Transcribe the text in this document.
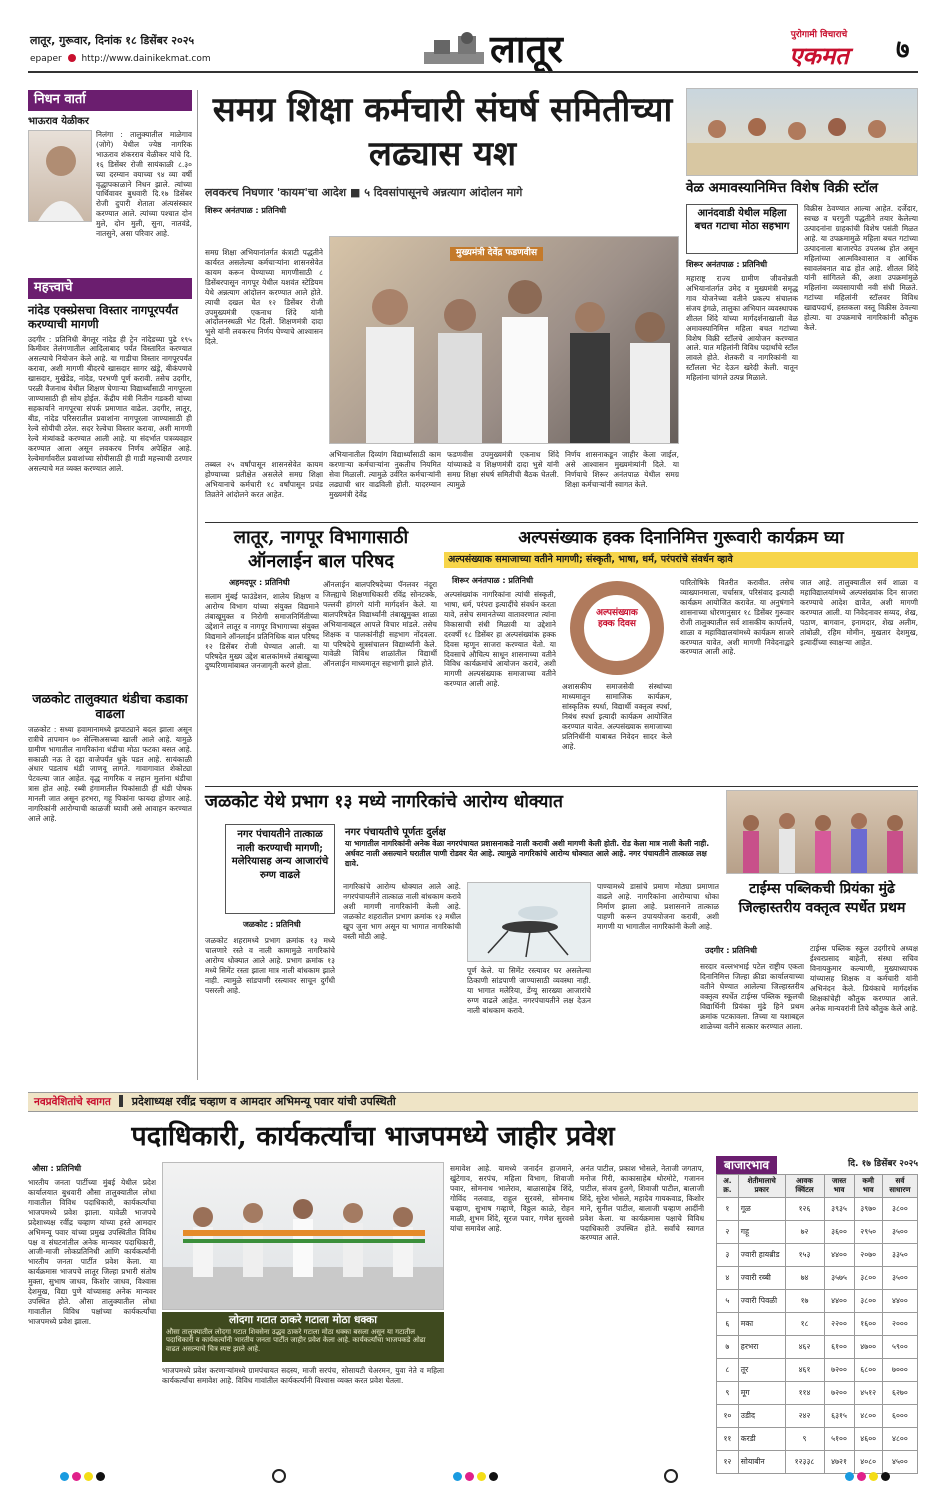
लातूर, गुरूवार, दिनांक १८ डिसेंबर २०२५
epaper http://www.dainikekmat.com	लातूर	पुरोगामी विचाराचे
एकमत	७
निधन वार्ता
भाऊराव येळीकर
निलंगा : तालुक्यातील माळेगाव (जोगे) येथील ज्येष्ठ नागरिक भाऊराव शंकरराव येळीकर यांचे दि. १६ डिसेंबर रोजी सायंकाळी ८.३० च्या दरम्यान वयाच्या ९४ व्या वर्षी वृद्धापकाळाने निधन झाले. त्यांच्या पार्थिवावर बुधवारी दि.१७ डिसेंबर रोजी दुपारी शेताता अंत्यसंस्कार करण्यात आले. त्यांच्या पश्चात दोन मुले, दोन मुली, सुना, नातवंडे, नातसुने, असा परिवार आहे.
महत्त्वाचे
नांदेड एक्स्प्रेसचा विस्तार नागपूरपर्यंत करण्याची मागणी
उदगीर : प्रतिनिधी बेंगलूर नांदेड ही ट्रेन नांदेडच्या पुढे १९५ किमीवर तेलंगणातील आदिलाबाद पर्यंत विस्तारित करण्यात असल्याचे नियोजन केले आहे. या गाडीचा विस्तार नागपूरपर्यंत करावा, अशी मागणी बीदरचे खासदार सागर खंड्रे, बीकंपणचे खासदार, मुखेडेड, नांदेड, परभणी पूर्ण करावी. तसेच उदगीर, परळी वैजनाथ येथील शिक्षण घेणाऱ्या विद्यार्थ्यांसाठी नागपूरला जाण्यासाठी ही सोय होईल. केंद्रीय मंत्री नितीन गडकरी यांच्या सहकार्याने नागपूरचा संपर्क प्रमाणात वाढेल. उदगीर, लातूर, बीड, नांदेड परिसरातील प्रवाशांना नागपूरला जाण्यासाठी ही रेल्वे सोयीची ठरेल. सदर रेल्वेचा विस्तार करावा, अशी मागणी रेल्वे मंत्र्यांकडे करण्यात आली आहे. या संदर्भात पत्रव्यवहार करण्यात आला असून लवकरच निर्णय अपेक्षित आहे. रेल्वेमार्गावरील प्रवाशांच्या सोयीसाठी ही गाडी महत्त्वाची ठरणार असल्याचे मत व्यक्त करण्यात आले.
जळकोट तालुक्यात थंडीचा कडाका वाढला
जळकोट : सध्या हवामानामध्ये झपाट्याने बदल झाला असून रात्रीचे तापमान ७० सेल्सिअसच्या खाली आले आहे. यामुळे ग्रामीण भागातील नागरिकांना थंडीचा मोठा फटका बसत आहे. सकाळी नऊ ते दहा वाजेपर्यंत धुके पडत आहे. सायंकाळी अंधार पडताच थंडी जाणवू लागते. गावागावात शेकोट्या पेटवल्या जात आहेत. वृद्ध नागरिक व लहान मुलांना थंडीचा त्रास होत आहे. रब्बी हंगामातील पिकांसाठी ही थंडी पोषक मानली जात असून हरभरा, गहू पिकांना फायदा होणार आहे. नागरिकांनी आरोग्याची काळजी घ्यावी असे आवाहन करण्यात आले आहे.
समग्र शिक्षा कर्मचारी संघर्ष समितीच्या लढ्यास यश
लवकरच निघणार 'कायम'चा आदेश ■ ५ दिवसांपासूनचे अन्नत्याग आंदोलन मागे
शिरूर अनंतपाळ : प्रतिनिधी
समग्र शिक्षा अभियानांतर्गत कंत्राटी पद्धतीने कार्यरत असलेल्या कर्मचाऱ्यांना शासनसेवेत कायम करून घेण्याच्या मागणीसाठी ८ डिसेंबरपासून नागपूर येथील यशवंत स्टेडियम येथे अन्नत्याग आंदोलन करण्यात आले होते. त्याची दखल घेत १२ डिसेंबर रोजी उपमुख्यमंत्री एकनाथ शिंदे यांनी आंदोलनस्थळी भेट दिली. शिक्षणमंत्री दादा भुसे यांनी लवकरच निर्णय घेण्याचे आश्वासन दिले.
मुख्यमंत्री देवेंद्र फडणवीस
तब्बल २५ वर्षांपासून शासनसेवेत कायम होण्याच्या प्रतीक्षेत असलेले समग्र शिक्षा अभियानाचे कर्मचारी १८ वर्षांपासून प्रचंड तिव्रतेने आंदोलने करत आहेत.
अभियानातील दिव्यांग विद्यार्थ्यांसाठी काम करणाऱ्या कर्मचाऱ्यांना नुकतीच नियमित सेवा मिळाली. त्यामुळे उर्वरित कर्मचाऱ्यांनी लढ्याची धार वाढविली होती. यादरम्यान मुख्यमंत्री देवेंद्र
फडणवीस उपमुख्यमंत्री एकनाथ शिंदे यांच्याकडे व शिक्षणमंत्री दादा भुसे यांनी समग्र शिक्षा संघर्ष समितीची बैठक घेतली. त्यामुळे
निर्णय शासनाकडून जाहीर केला जाईल, असे आश्वासन मुख्यमंत्र्यांनी दिले. या निर्णयाचे शिरूर अनंतपाळ येथील समग्र शिक्षा कर्मचाऱ्यांनी स्वागत केले.
वेळ अमावस्यानिमित्त विशेष विक्री स्टॉल
आनंदवाडी येथील महिला बचत गटाचा मोठा सहभाग
शिरूर अनंतपाळ : प्रतिनिधी
महाराष्ट्र राज्य ग्रामीण जीवनोन्नती अभियानांतर्गत उमेद व मुख्यमंत्री समृद्ध गाव योजनेच्या वतीने प्रकल्प संचालक संजय इंगळे, तालुका अभियान व्यवस्थापक शीतल शिंदे यांच्या मार्गदर्शनाखाली वेळ अमावस्यानिमित्त महिला बचत गटांच्या विशेष विक्री स्टॉलचे आयोजन करण्यात आले. यात महिलांनी विविध पदार्थांचे स्टॉल लावले होते. शेतकरी व नागरिकांनी या स्टॉलला भेट देऊन खरेदी केली. यातून महिलांना चांगले उत्पन्न मिळाले.
विक्रीस ठेवण्यात आल्या आहेत. दर्जेदार, स्वच्छ व घरगुती पद्धतीने तयार केलेल्या उत्पादनांना ग्राहकांची विशेष पसंती मिळत आहे. या उपक्रमामुळे महिला बचत गटांच्या उत्पादनाला बाजारपेठ उपलब्ध होत असून महिलांच्या आत्मविश्वासात व आर्थिक स्वावलंबनात वाढ होत आहे. शीतल शिंदे यांनी सांगितले की, अशा उपक्रमांमुळे महिलांना व्यवसायाची नवी संधी मिळते. गटांच्या महिलांनी स्टॉलवर विविध खाद्यपदार्थ, हस्तकला वस्तू विक्रीस ठेवल्या होत्या. या उपक्रमाचे नागरिकांनी कौतुक केले.
लातूर, नागपूर विभागासाठी ऑनलाईन बाल परिषद
अहमदपूर : प्रतिनिधी
सलाम मुंबई फाउंडेशन, शालेय शिक्षण व आरोग्य विभाग यांच्या संयुक्त विद्यमाने तंबाखूमुक्त व निरोगी समाजनिर्मितीच्या उद्देशाने लातूर व नागपूर विभागाच्या संयुक्त विद्यमाने ऑनलाईन प्रतिनिधिक बाल परिषद १२ डिसेंबर रोजी घेण्यात आली. या परिषदेत मुख्य उद्देश बालकांमध्ये तंबाखूच्या दुष्परिणामांबाबत जनजागृती करणे होता.
ऑनलाईन बालपरिषदेच्या पॅनलवर नंदूरा जिल्ह्याचे शिक्षणाधिकारी रविंद्र सोनटक्के, पल्लवी हांगरगे यांनी मार्गदर्शन केले. या बालपरिषदेत विद्यार्थ्यांनी तंबाखूमुक्त शाळा अभियानाबद्दल आपले विचार मांडले. तसेच शिक्षक व पालकांनीही सहभाग नोंदवला. या परिषदेचे सूत्रसंचालन विद्यार्थ्यांनी केले. यावेळी विविध शाळांतील विद्यार्थी ऑनलाईन माध्यमातून सहभागी झाले होते.
अल्पसंख्याक हक्क दिनानिमित्त गुरूवारी कार्यक्रम घ्या
अल्पसंख्याक समाजाच्या वतीने मागणी; संस्कृती, भाषा, धर्म, परंपरांचे संवर्धन व्हावे
शिरूर अनंतपाळ : प्रतिनिधी
अल्पसंख्यांक नागरिकांना त्यांची संस्कृती, भाषा, धर्म, परंपरा इत्यादींचे संवर्धन करता यावे, तसेच समानतेच्या वातावरणात त्यांना विकासाची संधी मिळावी या उद्देशाने दरवर्षी १८ डिसेंबर हा अल्पसंख्यांक हक्क दिवस म्हणून साजरा करण्यात येतो. या दिवसाचे औचित्य साधून शासनाच्या वतीने विविध कार्यक्रमांचे आयोजन करावे, अशी मागणी अल्पसंख्याक समाजाच्या वतीने करण्यात आली आहे.
अल्पसंख्याक हक्क दिवस
अशासकीय समाजसेवी संस्थांच्या माध्यमातून सामाजिक कार्यक्रम, सांस्कृतिक स्पर्धा, विद्यार्थी वक्तृत्व स्पर्धा, निबंध स्पर्धा इत्यादी कार्यक्रम आयोजित करण्यात यावेत. अल्पसंख्याक समाजाच्या प्रतिनिधींनी याबाबत निवेदन सादर केले आहे.
पारितोषिके वितरीत करावीत. तसेच व्याख्यानमाला, चर्चासत्र, परिसंवाद इत्यादी कार्यक्रम आयोजित करावेत. या अनुषंगाने शासनाच्या धोरणानुसार १८ डिसेंबर गुरूवार रोजी तालुक्यातील सर्व शासकीय कार्यालये, शाळा व महाविद्यालयांमध्ये कार्यक्रम साजरे करण्यात यावेत, अशी मागणी निवेदनाद्वारे करण्यात आली आहे.
जात आहे. तालुक्यातील सर्व शाळा व महाविद्यालयांमध्ये अल्पसंख्यांक दिन साजरा करण्याचे आदेश द्यावेत, अशी मागणी करण्यात आली. या निवेदनावर सय्यद, शेख, पठाण, बागवान, इनामदार, शेख अलीम, तांबोळी, रहिम मोमीन, मुखतार देशमुख, इत्यादींच्या स्वाक्षऱ्या आहेत.
जळकोट येथे प्रभाग १३ मध्ये नागरिकांचे आरोग्य धोक्यात
नगर पंचायतीने तात्काळ नाली करण्याची मागणी; मलेरियासह अन्य आजारांचे रुग्ण वाढले
जळकोट : प्रतिनिधी
नगर पंचायतीचे पूर्णतः दुर्लक्ष
या भागातील नागरिकांनी अनेक वेळा नगरपंचायत प्रशासनाकडे नाली करावी अशी मागणी केली होती. रोड केला मात्र नाली केली नाही. अर्धवट नाली असल्याने घरातील पाणी रोडवर येत आहे. त्यामुळे नागरिकांचे आरोग्य धोक्यात आले आहे. नगर पंचायतीने तात्काळ लक्ष द्यावे.
जळकोट शहरामध्ये प्रभाग क्रमांक १३ मध्ये चालणारे रस्ते व नाली कामामुळे नागरिकांचे आरोग्य धोक्यात आले आहे. प्रभाग क्रमांक १३ मध्ये सिमेंट रस्ता झाला मात्र नाली बांधकाम झाले नाही. त्यामुळे सांडपाणी रस्त्यावर साचून दुर्गंधी पसरली आहे.
नागरिकांचे आरोग्य धोक्यात आले आहे. नगरपंचायतीने तात्काळ नाली बांधकाम करावे अशी मागणी नागरिकांनी केली आहे. जळकोट शहरातील प्रभाग क्रमांक १३ मधील खूप जुना भाग असून या भागात नागरिकांची वस्ती मोठी आहे.
पूर्ण केले. या सिमेंट रस्त्यावर घर असलेल्या ठिकाणी सांडपाणी जाण्यासाठी व्यवस्था नाही. या भागात मलेरिया, डेंग्यू सारख्या आजारांचे रुग्ण वाढले आहेत. नगरपंचायतीने लक्ष देऊन नाली बांधकाम करावे.
पाण्यामध्ये डासांचे प्रमाण मोठ्या प्रमाणात वाढले आहे. नागरिकांना आरोग्याचा धोका निर्माण झाला आहे. प्रशासनाने तात्काळ पाहणी करून उपाययोजना करावी, अशी मागणी या भागातील नागरिकांनी केली आहे.
टाईम्स पब्लिकची प्रियंका मुंढे जिल्हास्तरीय वक्तृत्व स्पर्धेत प्रथम
उदगीर : प्रतिनिधी
सरदार वल्लभभाई पटेल राष्ट्रीय एकता दिनानिमित्त जिल्हा क्रीडा कार्यालयाच्या वतीने घेण्यात आलेल्या जिल्हास्तरीय वक्तृत्व स्पर्धेत टाईम्स पब्लिक स्कूलची विद्यार्थिनी प्रियंका मुंढे हिने प्रथम क्रमांक पटकावला. तिच्या या यशाबद्दल शाळेच्या वतीने सत्कार करण्यात आला.
टाईम्स पब्लिक स्कूल उदगीरचे अध्यक्ष ईश्वरप्रसाद बाहेती, संस्था सचिव विनायकुमार कल्याणी, मुख्याध्यापक यांच्यासह शिक्षक व कर्मचारी यांनी अभिनंदन केले. प्रियंकाचे मार्गदर्शक शिक्षकांचेही कौतुक करण्यात आले. अनेक मान्यवरांनी तिचे कौतुक केले आहे.
नवप्रवेशितांचे स्वागत प्रदेशाध्यक्ष रवींद्र चव्हाण व आमदार अभिमन्यू पवार यांची उपस्थिती
पदाधिकारी, कार्यकर्त्यांचा भाजपमध्ये जाहीर प्रवेश
औसा : प्रतिनिधी
भारतीय जनता पार्टीच्या मुंबई येथील प्रदेश कार्यालयात बुधवारी औसा तालुक्यातील लोधा गावातील विविध पदाधिकारी, कार्यकर्त्यांचा भाजपमध्ये प्रवेश झाला. यावेळी भाजपचे प्रदेशाध्यक्ष रवींद्र चव्हाण यांच्या हस्ते आमदार अभिमन्यू पवार यांच्या प्रमुख उपस्थितीत विविध पक्ष व संघटनांतील अनेक मान्यवर पदाधिकारी, आजी-माजी लोकप्रतिनिधी आणि कार्यकर्त्यांनी भारतीय जनता पार्टीत प्रवेश केला. या कार्यक्रमास भाजपचे लातूर जिल्हा प्रभारी संतोष मुक्ता, सुभाष जाधव, किशोर जाधव, विश्वास देशमुख, विद्या पुणे यांच्यासह अनेक मान्यवर उपस्थित होते. औसा तालुक्यातील लोधा गावातील विविध पक्षांच्या कार्यकर्त्यांचा भाजपमध्ये प्रवेश झाला.	लोदगा गटात ठाकरे गटाला मोठा धक्का
औसा तालुक्यातील लोदगा गटात शिवसेना उद्धव ठाकरे गटाला मोठा धक्का बसला असून या गटातील पदाधिकारी व कार्यकर्त्यांनी भारतीय जनता पार्टीत जाहीर प्रवेश केला आहे. कार्यकर्त्यांचा भाजपकडे ओढा वाढत असल्याचे चित्र स्पष्ट झाले आहे.
भाजपमध्ये प्रवेश करणाऱ्यांमध्ये ग्रामपंचायत सदस्य, माजी सरपंच, सोसायटी चेअरमन, युवा नेते व महिला कार्यकर्त्यांचा समावेश आहे. विविध गावांतील कार्यकर्त्यांनी विश्वास व्यक्त करत प्रवेश घेतला.
समावेश आहे. यामध्ये जनार्दन हाजमाने, खुंटेगाव, सरपंच, महिला विभाग, शिवाजी पवार, सोमनाथ भालेराव, बाळासाहेब शिंदे, गोविंद नलवाड, राहुल सुरवसे, सोमनाथ चव्हाण, सुभाष गव्हाणे, विठ्ठल काळे, रोहन माळी, शुभम शिंदे, सूरज पवार, गणेश सुरवसे यांचा समावेश आहे.
अनंत पाटील, प्रकाश भोसले, नेताजी जगताप, मनोज गिरी, काकासाहेब थोरमोटे, गजानन पाटील, संजय हुलगे, शिवाजी पाटील, बालाजी शिंदे, सुरेश भोसले, महादेव गायकवाड, किशोर माने, सुनील पाटील, बालाजी चव्हाण आदींनी प्रवेश केला. या कार्यक्रमास पक्षाचे विविध पदाधिकारी उपस्थित होते. सर्वांचे स्वागत करण्यात आले.
बाजारभाव	दि. १७ डिसेंबर २०२५
अ. क्र.	शेतीमालाचे प्रकार	आवक क्विंटल	जास्त भाव	कमी भाव	सर्व साधारण
१	गूळ	१२६	३९३५	३९७०	३८००
२	गहू	७२	३६००	२९५०	३५००
३	ज्वारी हायब्रीड	१५३	४४००	२०७०	३३५०
४	ज्वारी रब्बी	७४	३५७५	३८००	३५००
५	ज्वारी पिवळी	१७	४४००	३८००	४४००
६	मका	१८	२२००	१६००	२०००
७	हरभरा	४६२	६१००	४७००	५९००
८	तूर	४६१	७२००	६८००	७०००
९	मूग	११४	७२००	४५१२	६२७०
१०	उडीद	२४२	६३१५	४८००	६०००
११	करडी	९	५१००	४६००	४८००
१२	सोयाबीन	१२३३८	४७२१	४०८०	४५००
